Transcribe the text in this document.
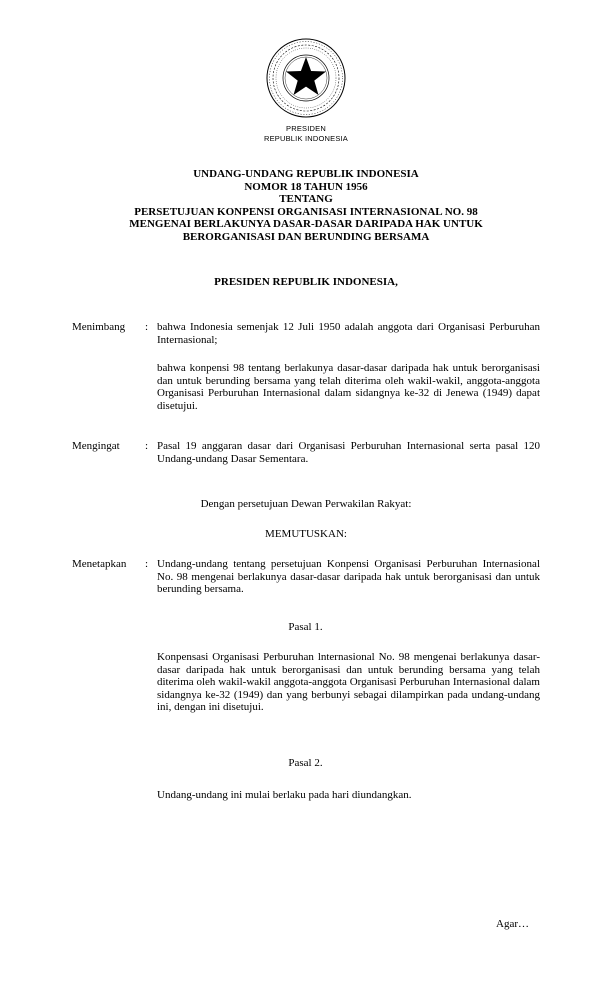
PRESIDEN
REPUBLIK INDONESIA
UNDANG-UNDANG REPUBLIK INDONESIA
NOMOR 18 TAHUN 1956
TENTANG
PERSETUJUAN KONPENSI ORGANISASI INTERNASIONAL NO. 98
MENGENAI BERLAKUNYA DASAR-DASAR DARIPADA HAK UNTUK
BERORGANISASI DAN BERUNDING BERSAMA
PRESIDEN REPUBLIK INDONESIA,
Menimbang : bahwa Indonesia semenjak 12 Juli 1950 adalah anggota dari Organisasi Perburuhan Internasional;
bahwa konpensi 98 tentang berlakunya dasar-dasar daripada hak untuk berorganisasi dan untuk berunding bersama yang telah diterima oleh wakil-wakil, anggota-anggota Organisasi Perburuhan Internasional dalam sidangnya ke-32 di Jenewa (1949) dapat disetujui.
Mengingat : Pasal 19 anggaran dasar dari Organisasi Perburuhan Internasional serta pasal 120 Undang-undang Dasar Sementara.
Dengan persetujuan Dewan Perwakilan Rakyat:
MEMUTUSKAN:
Menetapkan : Undang-undang tentang persetujuan Konpensi Organisasi Perburuhan Internasional No. 98 mengenai berlakunya dasar-dasar daripada hak untuk berorganisasi dan untuk berunding bersama.
Pasal 1.
Konpensasi Organisasi Perburuhan lnternasional No. 98 mengenai berlakunya dasar-dasar daripada hak untuk berorganisasi dan untuk berunding bersama yang telah diterima oleh wakil-wakil anggota-anggota Organisasi Perburuhan Internasional dalam sidangnya ke-32 (1949) dan yang berbunyi sebagai dilampirkan pada undang-undang ini, dengan ini disetujui.
Pasal 2.
Undang-undang ini mulai berlaku pada hari diundangkan.
Agar…
